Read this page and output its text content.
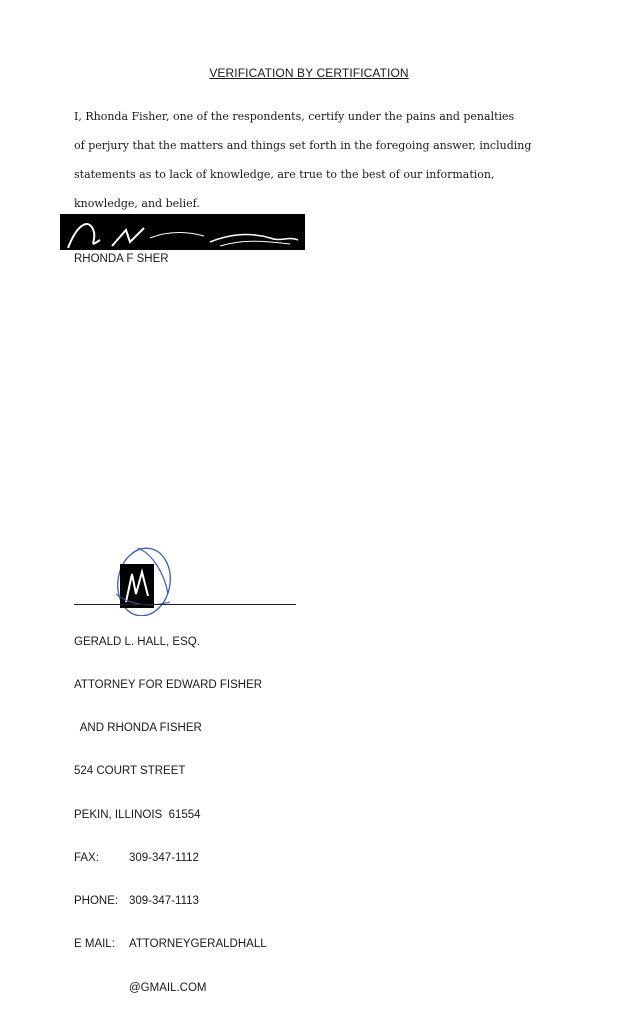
VERIFICATION BY CERTIFICATION
I, Rhonda Fisher, one of the respondents, certify under the pains and penalties
of perjury that the matters and things set forth in the foregoing answer, including
statements as to lack of knowledge, are true to the best of our information,
knowledge, and belief.
RHONDA F SHER

GERALD L. HALL, ESQ.

ATTORNEY FOR EDWARD FISHER

AND RHONDA FISHER

524 COURT STREET

PEKIN, ILLINOIS  61554

FAX:	309-347-1112

PHONE: 309-347-1113

E MAIL:	ATTORNEYGERALDHALL

@GMAIL.COM
